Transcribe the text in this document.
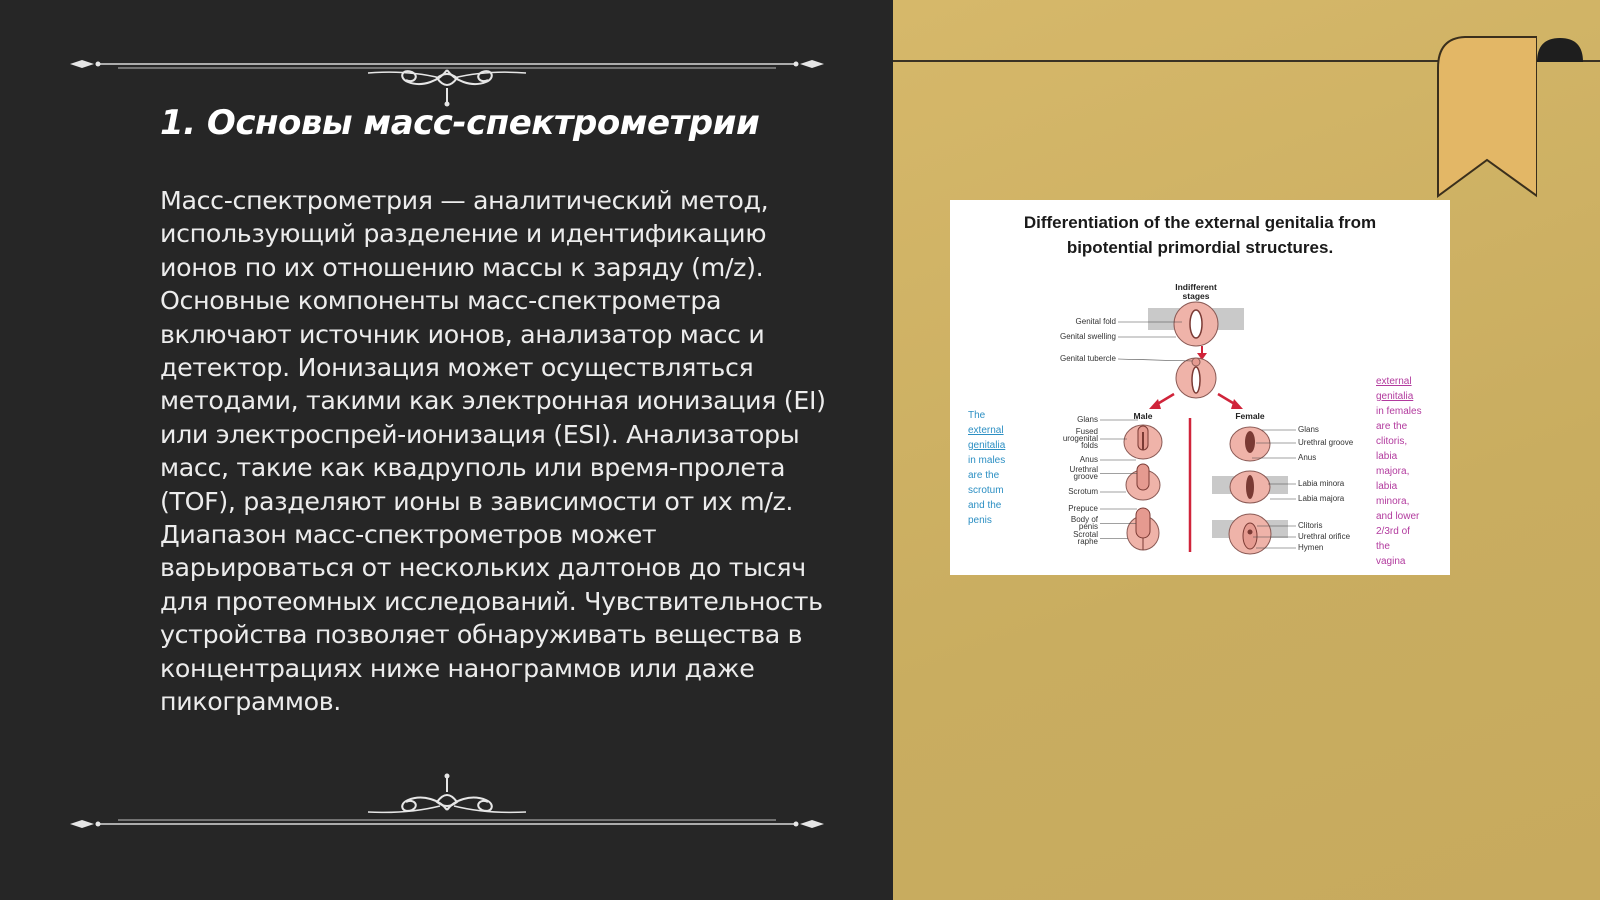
1. Основы масс-спектрометрии

Масс-спектрометрия — аналитический метод, использующий разделение и идентификацию ионов по их отношению массы к заряду (m/z). Основные компоненты масс-спектрометра включают источник ионов, анализатор масс и детектор. Ионизация может осуществляться методами, такими как электронная ионизация (EI) или электроспрей-ионизация (ESI). Анализаторы масс, такие как квадруполь или время-пролета (TOF), разделяют ионы в зависимости от их m/z. Диапазон масс-спектрометров может варьироваться от нескольких далтонов до тысяч для протеомных исследований. Чувствительность устройства позволяет обнаруживать вещества в концентрациях ниже нанограммов или даже пикограммов.

Indifferent
stages
Genital fold
Genital swelling
Genital tubercle
Male	Female
Glans
Fused
urogenital
folds
Anus
Urethral
groove
Scrotum
Prepuce
Body of
penis
Scrotal
raphe
Glans
Urethral groove
Anus
Labia minora
Labia majora
Clitoris
Urethral orifice
Hymen
The
external
genitalia
in males
are the
scrotum
and the
penis
external
genitalia
in females
are the
clitoris,
labia
majora,
labia
minora,
and lower
2/3rd of
the
vagina

Differentiation of the external genitalia from
bipotential primordial structures.
